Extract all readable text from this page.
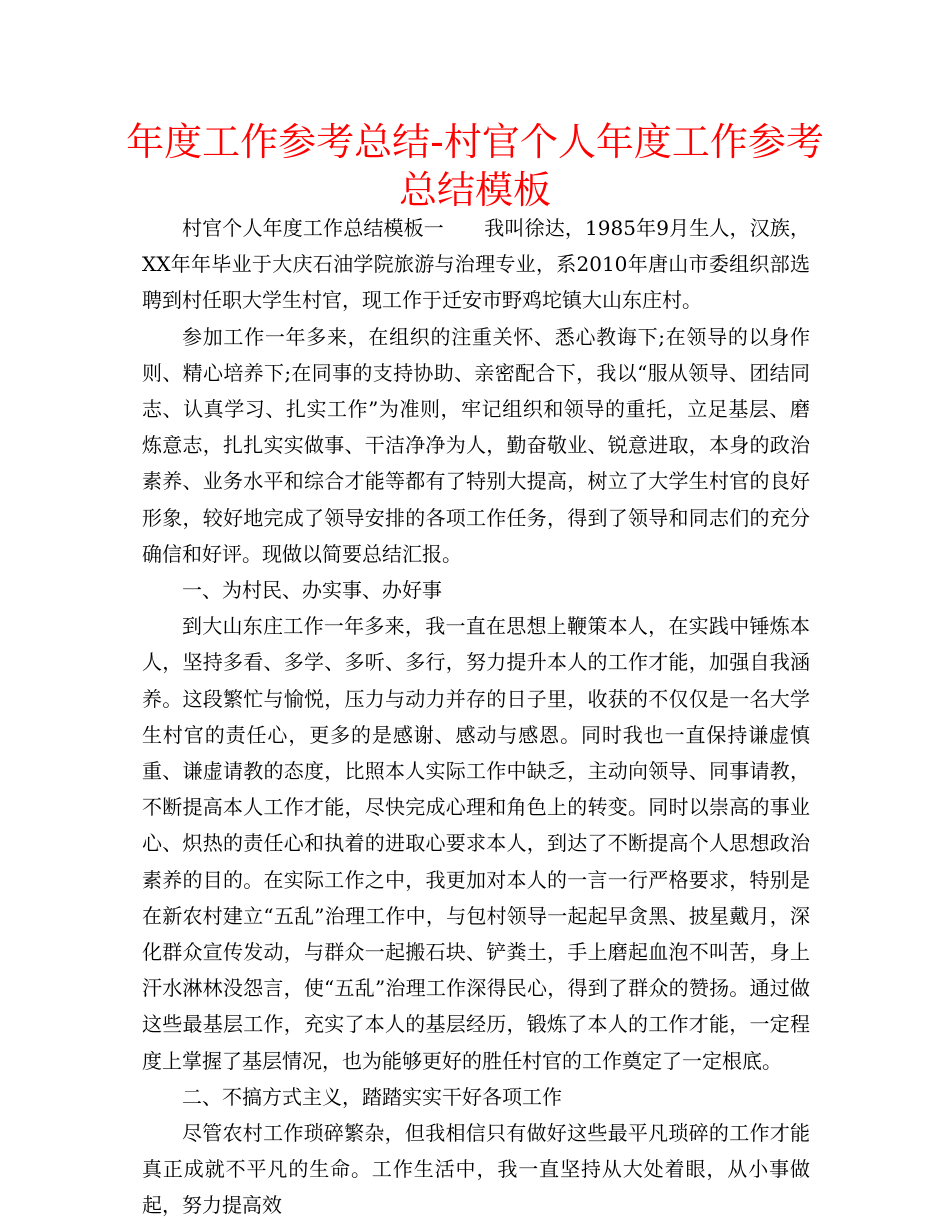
年度工作参考总结-村官个人年度工作参考总结模板

村官个人年度工作总结模板一　　我叫徐达，1985年9月生人，汉族，XX年年毕业于大庆石油学院旅游与治理专业，系2010年唐山市委组织部选聘到村任职大学生村官，现工作于迁安市野鸡坨镇大山东庄村。

参加工作一年多来，在组织的注重关怀、悉心教诲下;在领导的以身作则、精心培养下;在同事的支持协助、亲密配合下，我以“服从领导、团结同志、认真学习、扎实工作”为准则，牢记组织和领导的重托，立足基层、磨炼意志，扎扎实实做事、干洁净净为人，勤奋敬业、锐意进取，本身的政治素养、业务水平和综合才能等都有了特别大提高，树立了大学生村官的良好形象，较好地完成了领导安排的各项工作任务，得到了领导和同志们的充分确信和好评。现做以简要总结汇报。

一、为村民、办实事、办好事

到大山东庄工作一年多来，我一直在思想上鞭策本人，在实践中锤炼本人，坚持多看、多学、多听、多行，努力提升本人的工作才能，加强自我涵养。这段繁忙与愉悦，压力与动力并存的日子里，收获的不仅仅是一名大学生村官的责任心，更多的是感谢、感动与感恩。同时我也一直保持谦虚慎重、谦虚请教的态度，比照本人实际工作中缺乏，主动向领导、同事请教，不断提高本人工作才能，尽快完成心理和角色上的转变。同时以崇高的事业心、炽热的责任心和执着的进取心要求本人，到达了不断提高个人思想政治素养的目的。在实际工作之中，我更加对本人的一言一行严格要求，特别是在新农村建立“五乱”治理工作中，与包村领导一起起早贪黑、披星戴月，深化群众宣传发动，与群众一起搬石块、铲粪土，手上磨起血泡不叫苦，身上汗水淋林没怨言，使“五乱”治理工作深得民心，得到了群众的赞扬。通过做这些最基层工作，充实了本人的基层经历，锻炼了本人的工作才能，一定程度上掌握了基层情况，也为能够更好的胜任村官的工作奠定了一定根底。

二、不搞方式主义，踏踏实实干好各项工作

尽管农村工作琐碎繁杂，但我相信只有做好这些最平凡琐碎的工作才能真正成就不平凡的生命。工作生活中，我一直坚持从大处着眼，从小事做起，努力提高效
